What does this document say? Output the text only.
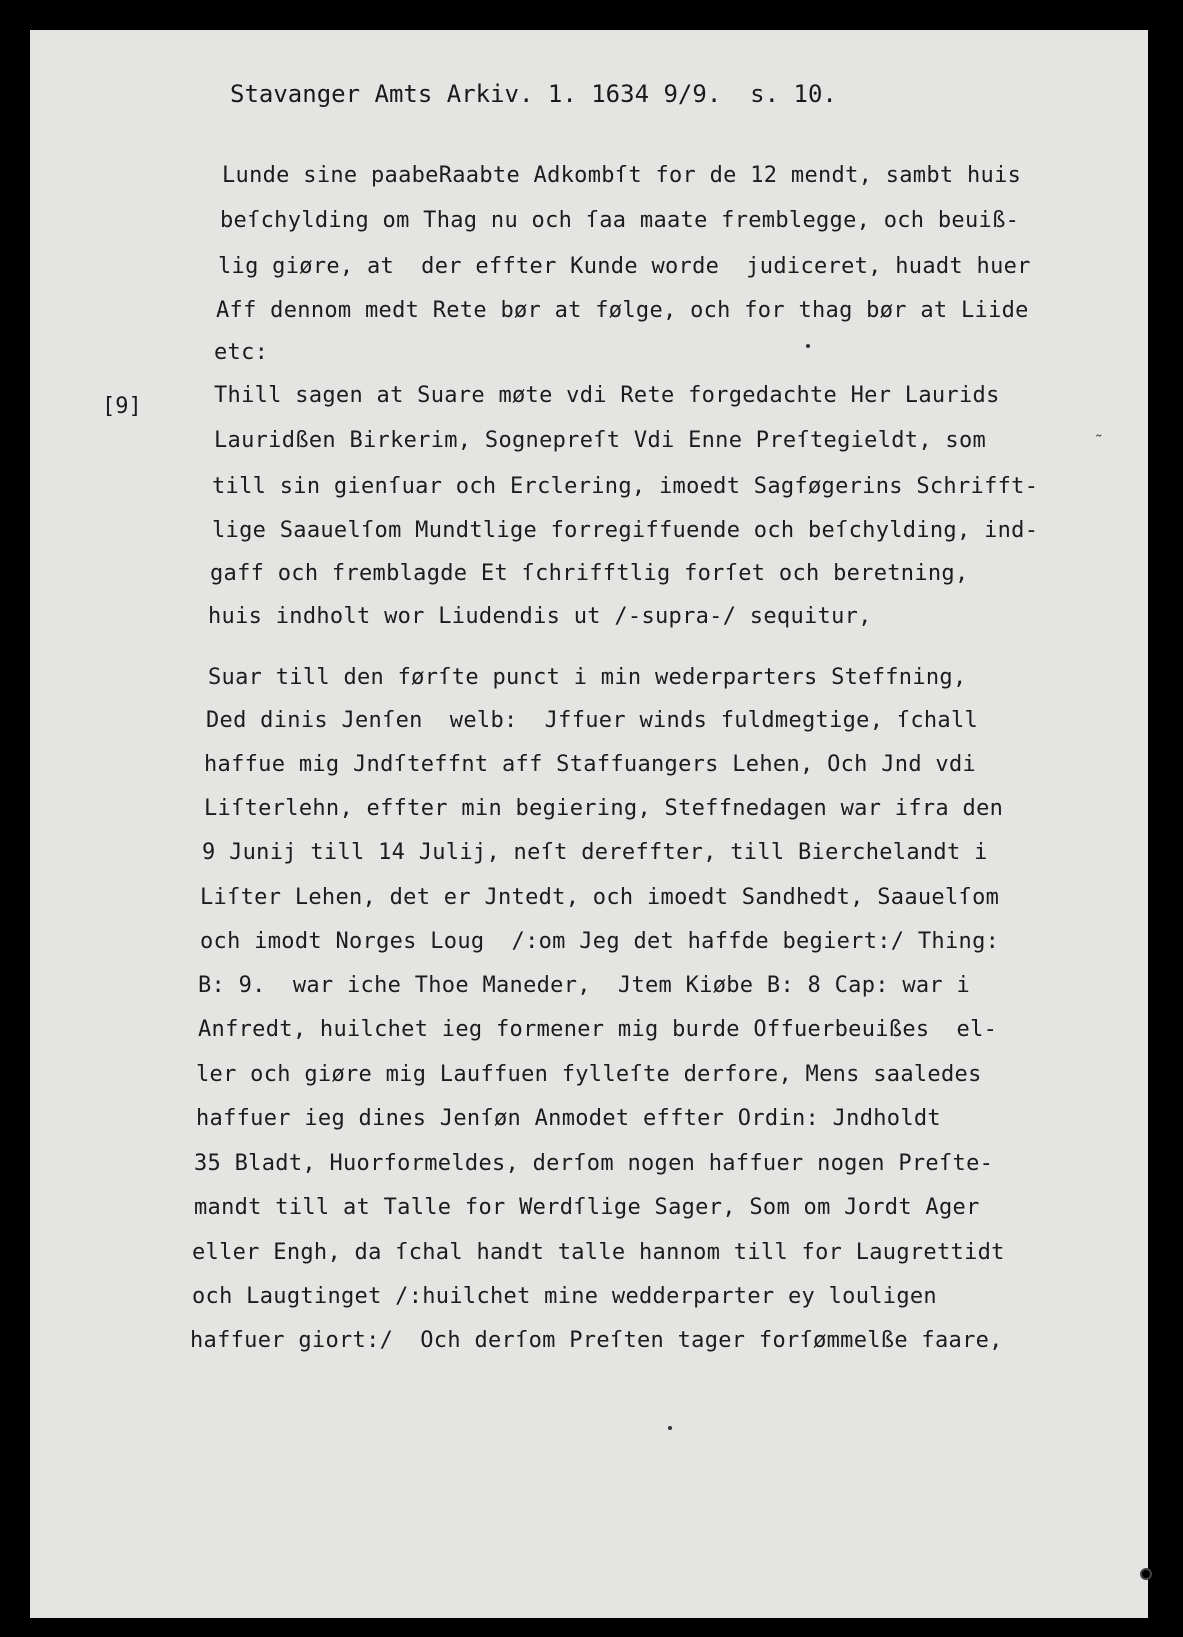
Stavanger Amts Arkiv. 1. 1634 9/9.  s. 10.
[9]
Lunde sine paabeRaabte Adkombſt for de 12 mendt, sambt huis
beſchylding om Thag nu och ſaa maate fremblegge, och beuiß-
lig giøre, at  der effter Kunde worde  judiceret, huadt huer
Aff dennom medt Rete bør at følge, och for thag bør at Liide
etc:
Thill sagen at Suare møte vdi Rete forgedachte Her Laurids
Lauridßen Birkerim, Sognepreſt Vdi Enne Preſtegieldt, som
till sin gienſuar och Erclering, imoedt Sagføgerins Schrifft-
lige Saauelſom Mundtlige forregiffuende och beſchylding, ind-
gaff och fremblagde Et ſchrifftlig forſet och beretning,
huis indholt wor Liudendis ut /-supra-/ sequitur,
Suar till den førſte punct i min wederparters Steffning,
Ded dinis Jenſen  welb:  Jffuer winds fuldmegtige, ſchall
haffue mig Jndſteffnt aff Staffuangers Lehen, Och Jnd vdi
Liſterlehn, effter min begiering, Steffnedagen war ifra den
9 Junij till 14 Julij, neſt dereffter, till Bierchelandt i
Liſter Lehen, det er Jntedt, och imoedt Sandhedt, Saauelſom
och imodt Norges Loug  /:om Jeg det haffde begiert:/ Thing:
B: 9.  war iche Thoe Maneder,  Jtem Kiøbe B: 8 Cap: war i
Anfredt, huilchet ieg formener mig burde Offuerbeuißes  el-
ler och giøre mig Lauffuen fylleſte derfore, Mens saaledes
haffuer ieg dines Jenſøn Anmodet effter Ordin: Jndholdt
35 Bladt, Huorformeldes, derſom nogen haffuer nogen Preſte-
mandt till at Talle for Werdſlige Sager, Som om Jordt Ager
eller Engh, da ſchal handt talle hannom till for Laugrettidt
och Laugtinget /:huilchet mine wedderparter ey louligen
haffuer giort:/  Och derſom Preſten tager forſømmelße faare,
˜
